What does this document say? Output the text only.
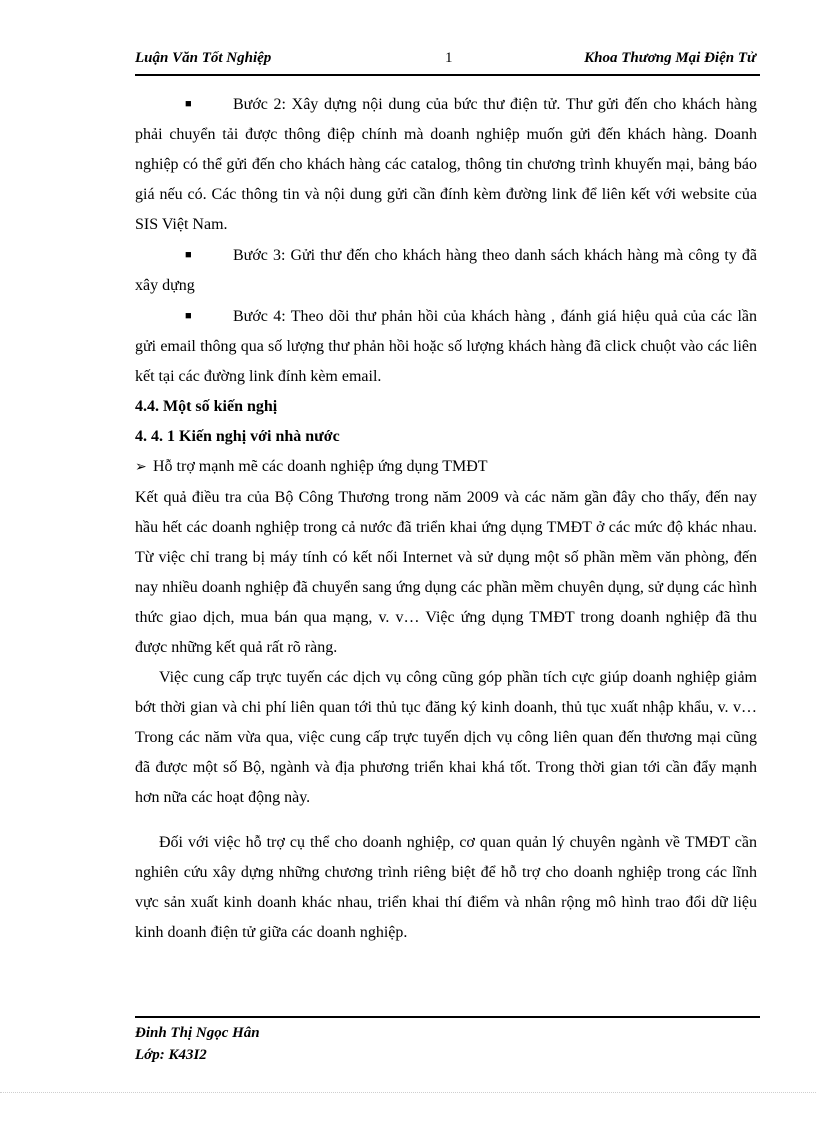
Luận Văn Tốt Nghiệp	1	Khoa Thương Mại Điện Tử

■	Bước 2: Xây dựng nội dung của bức thư điện tử. Thư gửi đến cho khách hàng phải chuyển tải được thông điệp chính mà doanh nghiệp muốn gửi đến khách hàng. Doanh nghiệp có thể gửi đến cho khách hàng các catalog, thông tin chương trình khuyến mại, bảng báo giá nếu có. Các thông tin và nội dung gửi cần đính kèm đường link để liên kết với website của SIS Việt Nam.

■	Bước 3: Gửi thư đến cho khách hàng theo danh sách khách hàng mà công ty đã xây dựng

■	Bước 4: Theo dõi thư phản hồi của khách hàng , đánh giá hiệu quả của các lần gửi email thông qua số lượng thư phản hồi hoặc số lượng khách hàng đã click chuột vào các liên kết tại các đường link đính kèm email.

4.4. Một số kiến nghị

4. 4. 1 Kiến nghị với nhà nước

➢ Hỗ trợ mạnh mẽ các doanh nghiệp ứng dụng TMĐT

Kết quả điều tra của Bộ Công Thương trong năm 2009 và các năm gần đây cho thấy, đến nay hầu hết các doanh nghiệp trong cả nước đã triển khai ứng dụng TMĐT ở các mức độ khác nhau. Từ việc chỉ trang bị máy tính có kết nối Internet và sử dụng một số phần mềm văn phòng, đến nay nhiều doanh nghiệp đã chuyển sang ứng dụng các phần mềm chuyên dụng, sử dụng các hình thức giao dịch, mua bán qua mạng, v. v… Việc ứng dụng TMĐT trong doanh nghiệp đã thu được những kết quả rất rõ ràng.

Việc cung cấp trực tuyến các dịch vụ công cũng góp phần tích cực giúp doanh nghiệp giảm bớt thời gian và chi phí liên quan tới thủ tục đăng ký kinh doanh, thủ tục xuất nhập khẩu, v. v… Trong các năm vừa qua, việc cung cấp trực tuyến dịch vụ công liên quan đến thương mại cũng đã được một số Bộ, ngành và địa phương triển khai khá tốt. Trong thời gian tới cần đẩy mạnh hơn nữa các hoạt động này.

Đối với việc hỗ trợ cụ thể cho doanh nghiệp, cơ quan quản lý chuyên ngành về TMĐT cần nghiên cứu xây dựng những chương trình riêng biệt để hỗ trợ cho doanh nghiệp trong các lĩnh vực sản xuất kinh doanh khác nhau, triển khai thí điểm và nhân rộng mô hình trao đổi dữ liệu kinh doanh điện tử giữa các doanh nghiệp.

Đinh Thị Ngọc Hân
Lớp: K43I2
